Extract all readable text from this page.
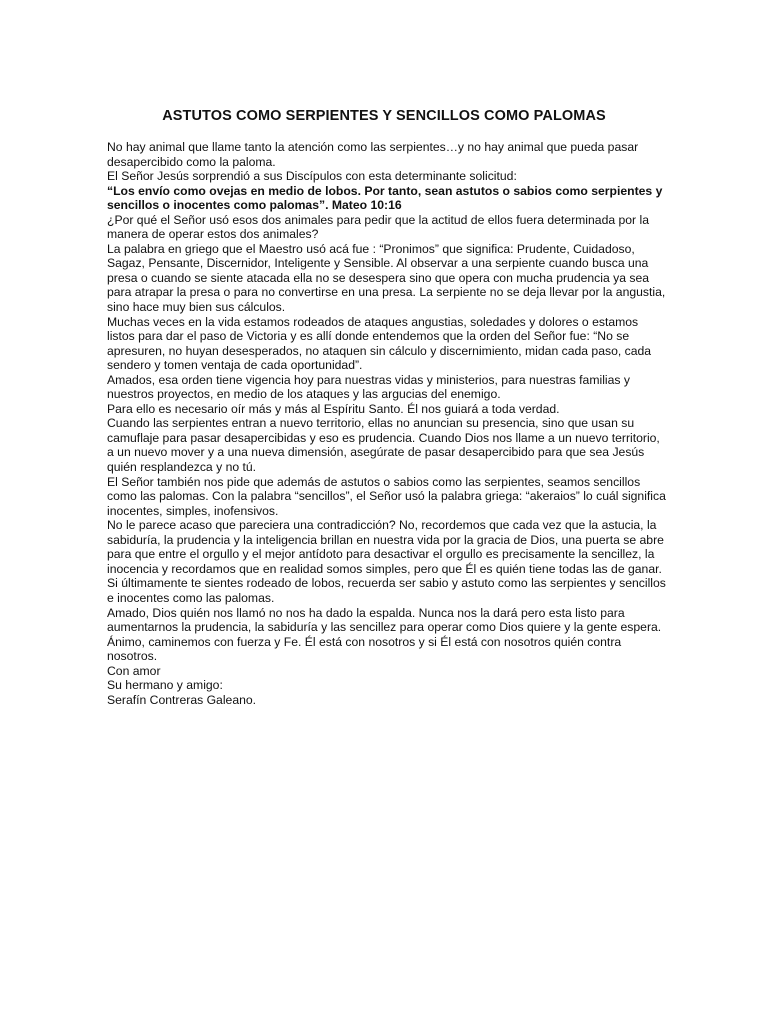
ASTUTOS COMO SERPIENTES Y SENCILLOS COMO PALOMAS

No hay animal que llame tanto la atención como las serpientes…y no hay animal que pueda pasar desapercibido como la paloma.

El Señor Jesús sorprendió a sus Discípulos con esta determinante solicitud:

“Los envío como ovejas en medio de lobos. Por tanto, sean astutos o sabios como serpientes y sencillos o inocentes como palomas”. Mateo 10:16

¿Por qué el Señor usó esos dos animales para pedir que la actitud de ellos fuera determinada por la manera de operar estos dos animales?

La palabra en griego que el Maestro usó acá fue : “Pronimos” que significa: Prudente, Cuidadoso, Sagaz, Pensante, Discernidor, Inteligente y Sensible. Al observar a una serpiente cuando busca una presa o cuando se siente atacada ella no se desespera sino que opera con mucha prudencia ya sea para atrapar la presa o para no convertirse en una presa. La serpiente no se deja llevar por la angustia, sino hace muy bien sus cálculos.

Muchas veces en la vida estamos rodeados de ataques angustias, soledades y dolores o estamos listos para dar el paso de Victoria y es allí donde entendemos que la orden del Señor fue: “No se apresuren, no huyan desesperados, no ataquen sin cálculo y discernimiento, midan cada paso, cada sendero y tomen ventaja de cada oportunidad”.

Amados, esa orden tiene vigencia hoy para nuestras vidas y ministerios, para nuestras familias y nuestros proyectos, en medio de los ataques y las argucias del enemigo.

Para ello es necesario oír más y más al Espíritu Santo. Él nos guiará a toda verdad.

Cuando las serpientes entran a nuevo territorio, ellas no anuncian su presencia, sino que usan su camuflaje para pasar desapercibidas y eso es prudencia. Cuando Dios nos llame a un nuevo territorio, a un nuevo mover y a una nueva dimensión, asegúrate de pasar desapercibido para que sea Jesús quién resplandezca y no tú.

El Señor también nos pide que además de astutos o sabios como las serpientes, seamos sencillos como las palomas. Con la palabra “sencillos”, el Señor usó la palabra griega: “akeraios” lo cuál significa inocentes, simples, inofensivos.

No le parece acaso que pareciera una contradicción? No, recordemos que cada vez que la astucia, la sabiduría, la prudencia y la inteligencia brillan en nuestra vida por la gracia de Dios, una puerta se abre para que entre el orgullo y el mejor antídoto para desactivar el orgullo es precisamente la sencillez, la inocencia y recordamos que en realidad somos simples, pero que Él es quién tiene todas las de ganar.

Si últimamente te sientes rodeado de lobos, recuerda ser sabio y astuto como las serpientes y sencillos e inocentes como las palomas.

Amado, Dios quién nos llamó no nos ha dado la espalda. Nunca nos la dará pero esta listo para aumentarnos la prudencia, la sabiduría y las sencillez para operar como Dios quiere y la gente espera.

Ánimo, caminemos con fuerza y Fe. Él está con nosotros y si Él está con nosotros quién contra nosotros.

Con amor

Su hermano y amigo:

Serafín Contreras Galeano.
